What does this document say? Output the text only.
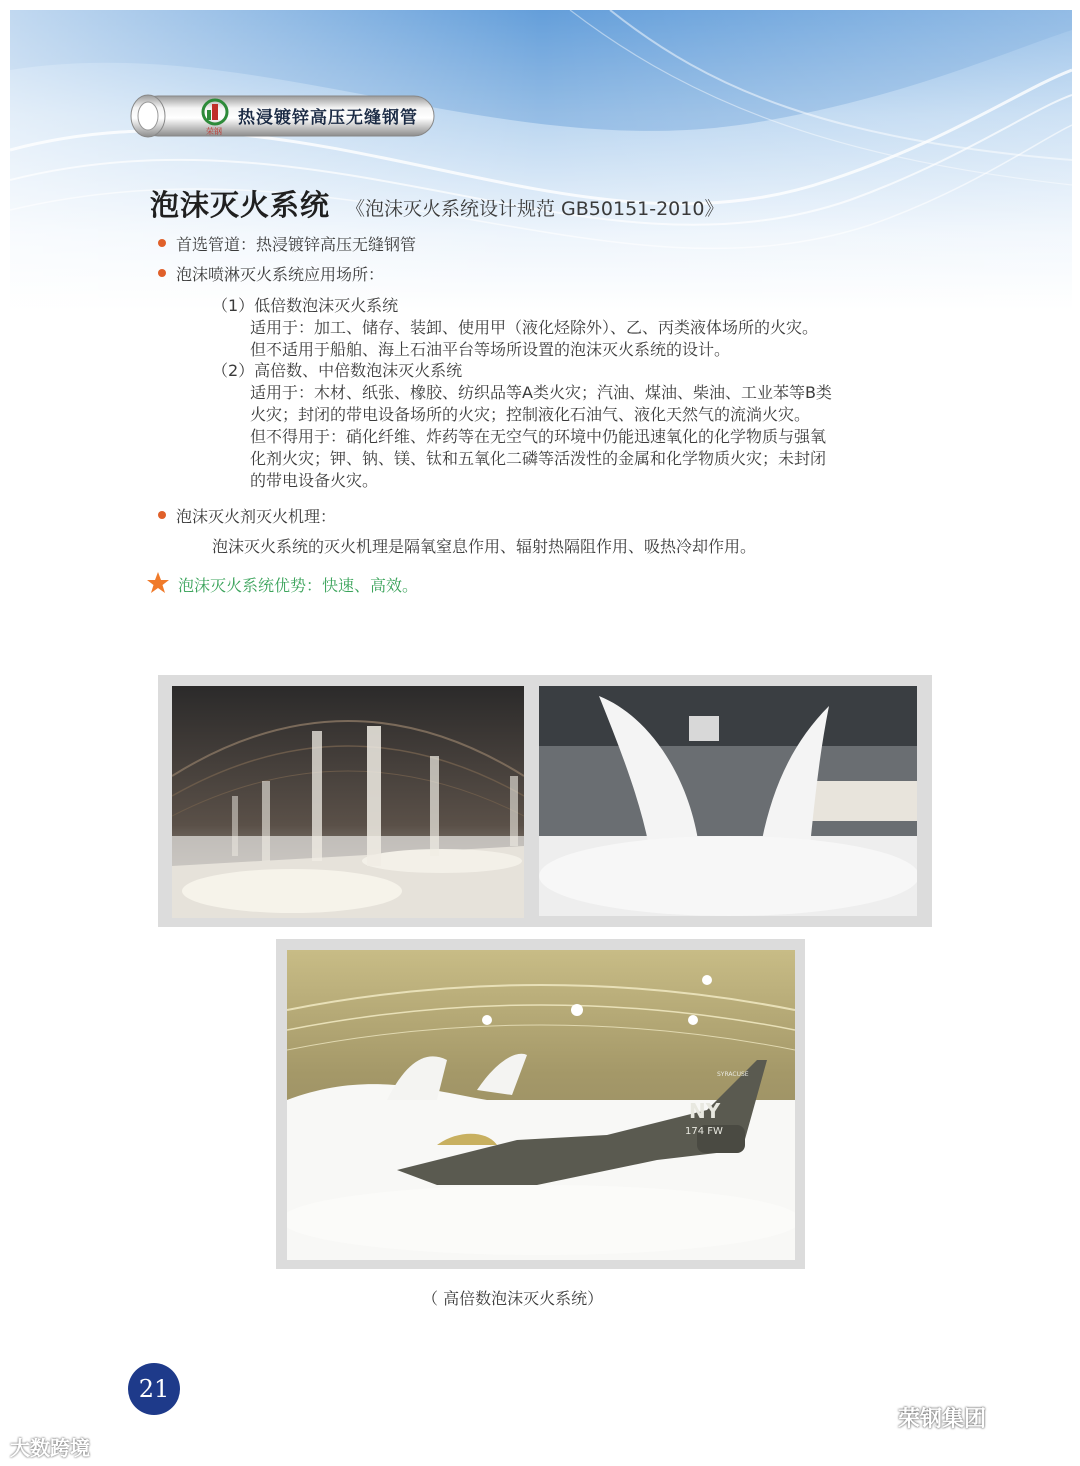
热浸镀锌高压无缝钢管
荣钢
泡沫灭火系统 《泡沫灭火系统设计规范 GB50151-2010》
首选管道：热浸镀锌高压无缝钢管
泡沫喷淋灭火系统应用场所：
（1）低倍数泡沫灭火系统
适用于：加工、储存、装卸、使用甲（液化烃除外）、乙、丙类液体场所的火灾。
但不适用于船舶、海上石油平台等场所设置的泡沫灭火系统的设计。
（2）高倍数、中倍数泡沫灭火系统
适用于：木材、纸张、橡胶、纺织品等A类火灾；汽油、煤油、柴油、工业苯等B类
火灾；封闭的带电设备场所的火灾；控制液化石油气、液化天然气的流淌火灾。
但不得用于：硝化纤维、炸药等在无空气的环境中仍能迅速氧化的化学物质与强氧
化剂火灾；钾、钠、镁、钛和五氧化二磷等活泼性的金属和化学物质火灾；未封闭
的带电设备火灾。
泡沫灭火剂灭火机理：
泡沫灭火系统的灭火机理是隔氧窒息作用、辐射热隔阻作用、吸热冷却作用。
泡沫灭火系统优势：快速、高效。
NY
174 FW
SYRACUSE
（ 高倍数泡沫灭火系统）
21
大数跨境
荣钢集团
